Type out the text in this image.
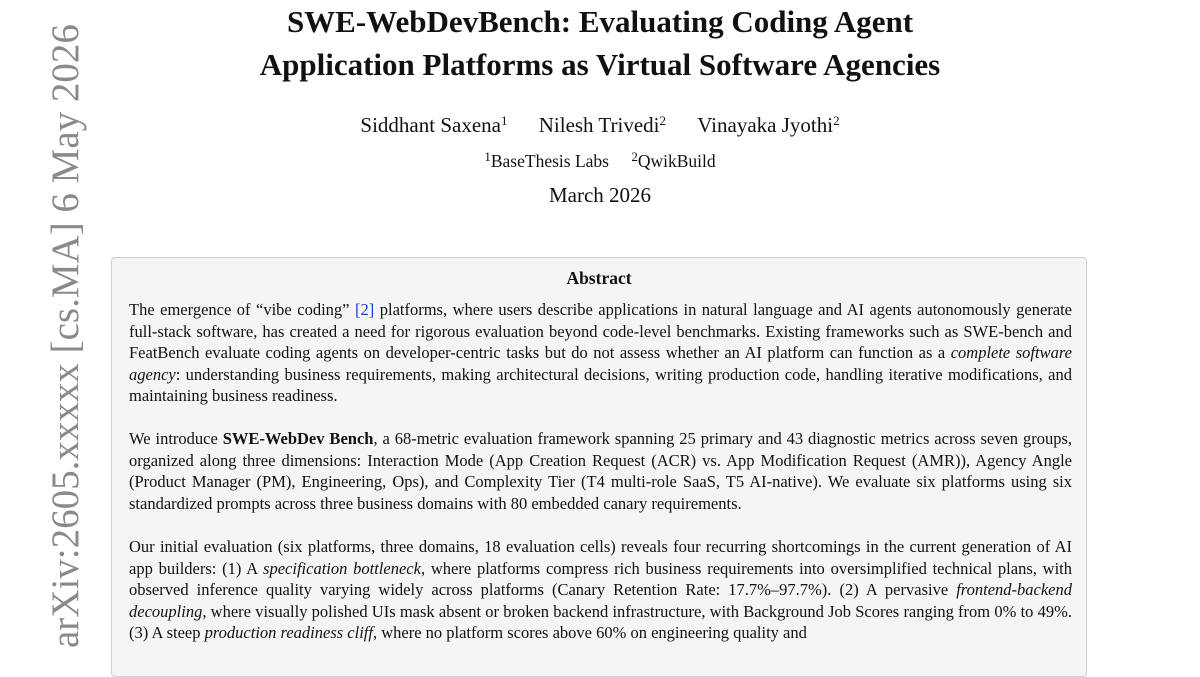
SWE-WebDevBench: Evaluating Coding Agent
Application Platforms as Virtual Software Agencies
Siddhant Saxena$^1$ Nilesh Trivedi$^2$ Vinayaka Jyothi$^2$
$^1$BaseThesis Labs $^2$QwikBuild
March 2026
Abstract

The emergence of “vibe coding” [2] platforms, where users describe applications in natural language and AI agents autonomously generate full-stack software, has created a need for rigorous evaluation beyond code-level benchmarks. Existing frameworks such as SWE-bench and FeatBench evaluate coding agents on developer-centric tasks but do not assess whether an AI platform can function as a complete software agency: understanding business requirements, making architectural decisions, writing production code, handling iterative modifications, and maintaining business readiness.

We introduce SWE-WebDev Bench, a 68-metric evaluation framework spanning 25 primary and 43 diagnostic metrics across seven groups, organized along three dimensions: Interaction Mode (App Creation Request (ACR) vs. App Modification Request (AMR)), Agency Angle (Product Manager (PM), Engineering, Ops), and Complexity Tier (T4 multi-role SaaS, T5 AI-native). We evaluate six platforms using six standardized prompts across three business domains with 80 embedded canary requirements.

Our initial evaluation (six platforms, three domains, 18 evaluation cells) reveals four recurring shortcomings in the current generation of AI app builders: (1) A specification bottleneck, where platforms compress rich business requirements into oversimplified technical plans, with observed inference quality varying widely across platforms (Canary Retention Rate: 17.7%–97.7%). (2) A pervasive frontend-backend decoupling, where visually polished UIs mask absent or broken backend infrastructure, with Background Job Scores ranging from 0% to 49%. (3) A steep production readiness cliff, where no platform scores above 60% on engineering quality and

arXiv:2605.xxxxx [cs.MA] 6 May 2026
